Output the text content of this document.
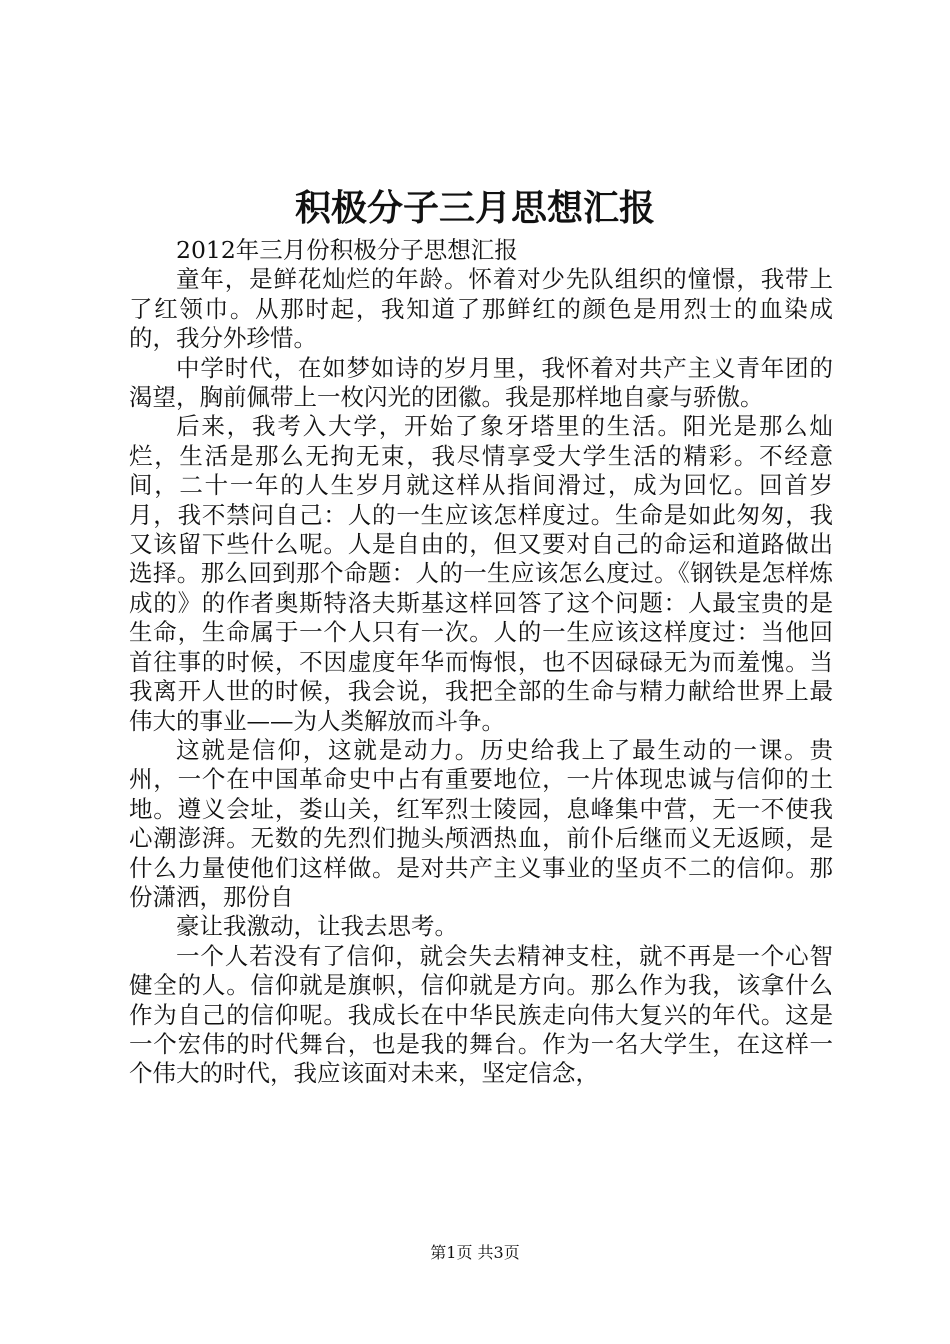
积极分子三月思想汇报

2012年三月份积极分子思想汇报

童年，是鲜花灿烂的年龄。怀着对少先队组织的憧憬，我带上了红领巾。从那时起，我知道了那鲜红的颜色是用烈士的血染成的，我分外珍惜。

中学时代，在如梦如诗的岁月里，我怀着对共产主义青年团的渴望，胸前佩带上一枚闪光的团徽。我是那样地自豪与骄傲。

后来，我考入大学，开始了象牙塔里的生活。阳光是那么灿烂，生活是那么无拘无束，我尽情享受大学生活的精彩。不经意间，二十一年的人生岁月就这样从指间滑过，成为回忆。回首岁月，我不禁问自己：人的一生应该怎样度过。生命是如此匆匆，我又该留下些什么呢。人是自由的，但又要对自己的命运和道路做出选择。那么回到那个命题：人的一生应该怎么度过。《钢铁是怎样炼成的》的作者奥斯特洛夫斯基这样回答了这个问题：人最宝贵的是生命，生命属于一个人只有一次。人的一生应该这样度过：当他回首往事的时候，不因虚度年华而悔恨，也不因碌碌无为而羞愧。当我离开人世的时候，我会说，我把全部的生命与精力献给世界上最伟大的事业——为人类解放而斗争。

这就是信仰，这就是动力。历史给我上了最生动的一课。贵州，一个在中国革命史中占有重要地位，一片体现忠诚与信仰的土地。遵义会址，娄山关，红军烈士陵园，息峰集中营，无一不使我心潮澎湃。无数的先烈们抛头颅洒热血，前仆后继而义无返顾，是什么力量使他们这样做。是对共产主义事业的坚贞不二的信仰。那份潇洒，那份自

豪让我激动，让我去思考。

一个人若没有了信仰，就会失去精神支柱，就不再是一个心智健全的人。信仰就是旗帜，信仰就是方向。那么作为我，该拿什么作为自己的信仰呢。我成长在中华民族走向伟大复兴的年代。这是一个宏伟的时代舞台，也是我的舞台。作为一名大学生，在这样一个伟大的时代，我应该面对未来，坚定信念，

第1页 共3页
